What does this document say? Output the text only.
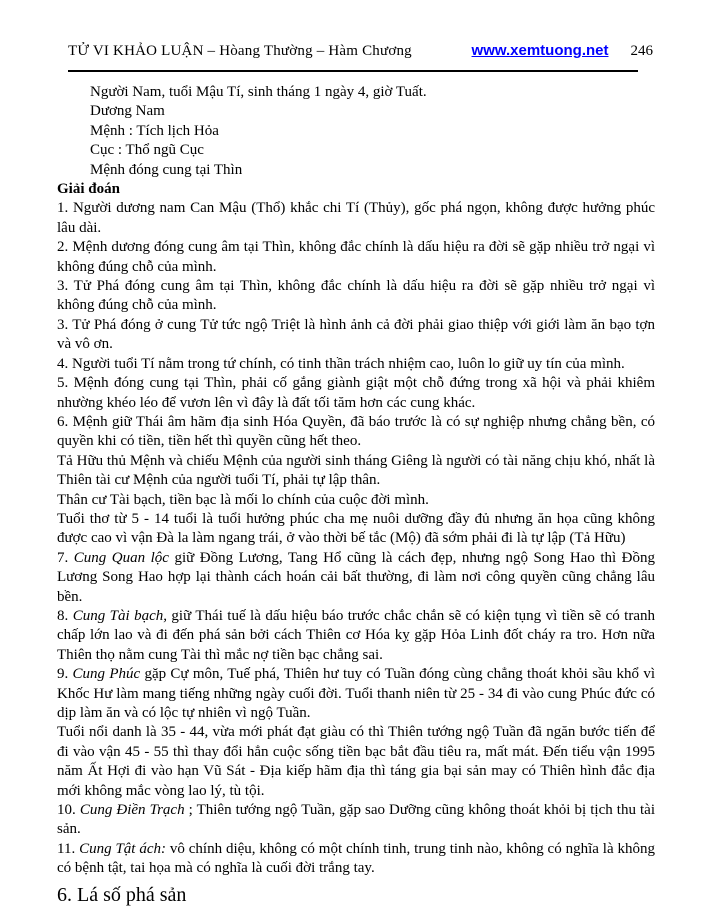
TỬ VI KHẢO LUẬN – Hòang Thường – Hàm Chương	www.xemtuong.net 246
Người Nam, tuổi Mậu Tí, sinh tháng 1 ngày 4, giờ Tuất.
Dương Nam
Mệnh : Tích lịch Hỏa
Cục : Thổ ngũ Cục
Mệnh đóng cung tại Thìn
Giải đoán

1. Người dương nam Can Mậu (Thổ) khắc chi Tí (Thủy), gốc phá ngọn, không được hưởng phúc lâu dài.

2. Mệnh dương đóng cung âm tại Thìn, không đắc chính là dấu hiệu ra đời sẽ gặp nhiều trở ngại vì không đúng chỗ của mình.

3. Tử Phá đóng cung âm tại Thìn, không đắc chính là dấu hiệu ra đời sẽ gặp nhiều trở ngại vì không đúng chỗ của mình.

3. Tử Phá đóng ở cung Tử tức ngộ Triệt là hình ảnh cả đời phải giao thiệp với giới làm ăn bạo tợn và vô ơn.

4. Người tuổi Tí nằm trong tứ chính, có tinh thần trách nhiệm cao, luôn lo giữ uy tín của mình.

5. Mệnh đóng cung tại Thìn, phải cố gắng giành giật một chỗ đứng trong xã hội và phải khiêm nhường khéo léo để vươn lên vì đây là đất tối tăm hơn các cung khác.

6. Mệnh giữ Thái âm hãm địa sinh Hóa Quyền, đã báo trước là có sự nghiệp nhưng chẳng bền, có quyền khi có tiền, tiền hết thì quyền cũng hết theo.

Tả Hữu thủ Mệnh và chiếu Mệnh của người sinh tháng Giêng là người có tài năng chịu khó, nhất là Thiên tài cư Mệnh của người tuổi Tí, phải tự lập thân.

Thân cư Tài bạch, tiền bạc là mối lo chính của cuộc đời mình.

Tuổi thơ từ 5 - 14 tuổi là tuổi hưởng phúc cha mẹ nuôi dưỡng đầy đủ nhưng ăn họa cũng không được cao vì vận Đà la làm ngang trái, ở vào thời bế tắc (Mộ) đã sớm phải đi là tự lập (Tả Hữu)

7. Cung Quan lộc giữ Đồng Lương, Tang Hổ cũng là cách đẹp, nhưng ngộ Song Hao thì Đồng Lương Song Hao hợp lại thành cách hoán cải bất thường, đi làm nơi công quyền cũng chẳng lâu bền.

8. Cung Tài bạch, giữ Thái tuế là dấu hiệu báo trước chắc chắn sẽ có kiện tụng vì tiền sẽ có tranh chấp lớn lao và đi đến phá sản bởi cách Thiên cơ Hóa kỵ gặp Hỏa Linh đốt cháy ra tro. Hơn nữa Thiên thọ nằm cung Tài thì mắc nợ tiền bạc chẳng sai.

9. Cung Phúc gặp Cự môn, Tuế phá, Thiên hư tuy có Tuần đóng cùng chẳng thoát khỏi sầu khổ vì Khốc Hư làm mang tiếng những ngày cuối đời. Tuổi thanh niên từ 25 - 34 đi vào cung Phúc đức có dịp làm ăn và có lộc tự nhiên vì ngộ Tuần.

Tuổi nổi danh là 35 - 44, vừa mới phát đạt giàu có thì Thiên tướng ngộ Tuần đã ngăn bước tiến để đi vào vận 45 - 55 thì thay đổi hẳn cuộc sống tiền bạc bắt đầu tiêu ra, mất mát. Đến tiểu vận 1995 năm Ất Hợi đi vào hạn Vũ Sát - Địa kiếp hãm địa thì táng gia bại sản may có Thiên hình đắc địa mới không mắc vòng lao lý, tù tội.

10. Cung Điền Trạch ; Thiên tướng ngộ Tuần, gặp sao Dưỡng cũng không thoát khỏi bị tịch thu tài sản.

11. Cung Tật ách: vô chính diệu, không có một chính tinh, trung tinh nào, không có nghĩa là không có bệnh tật, tai họa mà có nghĩa là cuối đời trắng tay.

6. Lá số phá sản
